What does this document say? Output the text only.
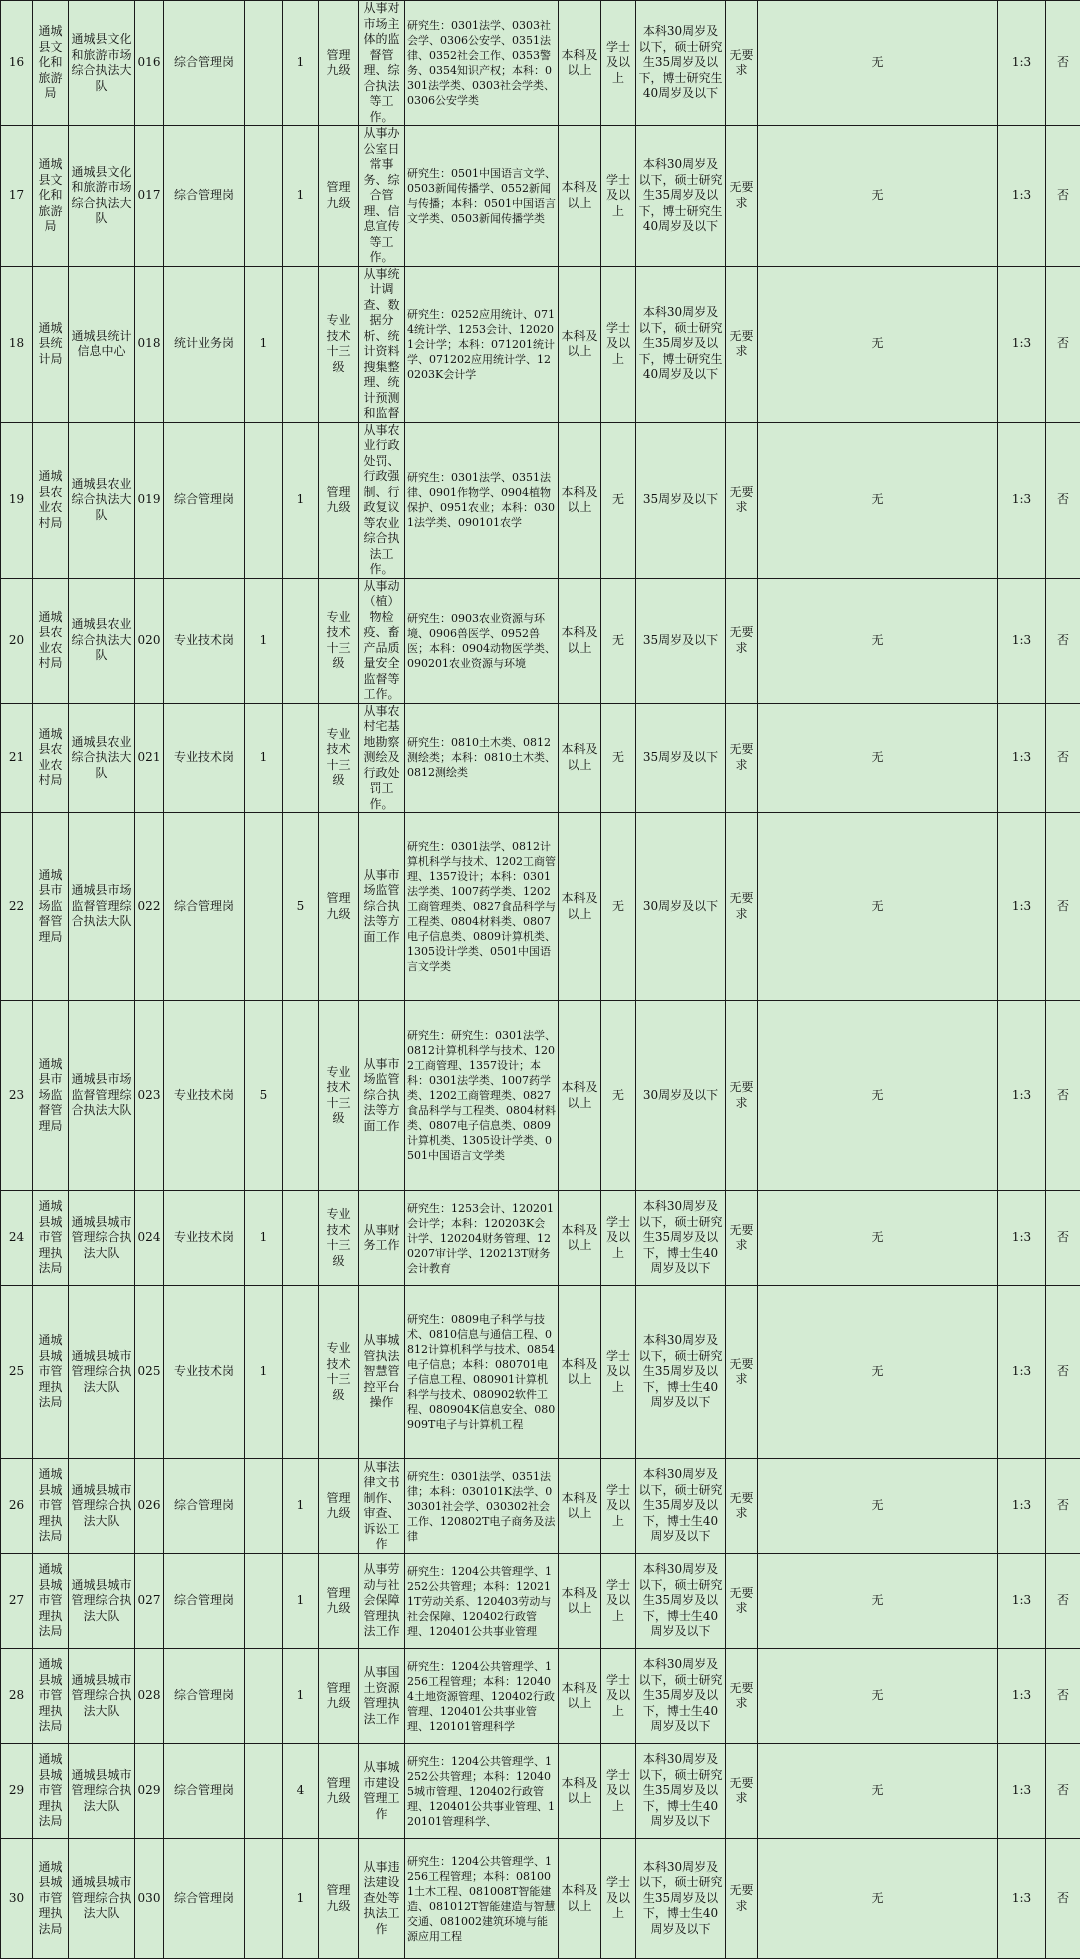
16	通城县文化和旅游局	通城县文化和旅游市场综合执法大队	016	综合管理岗		1	管理九级	从事对市场主体的监督管理、综合执法等工作。	研究生：0301法学、0303社会学、0306公安学、0351法律、0352社会工作、0353警务、0354知识产权；本科：0301法学类、0303社会学类、0306公安学类	本科及以上	学士及以上	本科30周岁及以下，硕士研究生35周岁及以下，博士研究生40周岁及以下	无要求	无	1:3	否
17	通城县文化和旅游局	通城县文化和旅游市场综合执法大队	017	综合管理岗		1	管理九级	从事办公室日常事务、综合管理、信息宣传等工作。	研究生：0501中国语言文学、0503新闻传播学、0552新闻与传播；本科：0501中国语言文学类、0503新闻传播学类	本科及以上	学士及以上	本科30周岁及以下，硕士研究生35周岁及以下，博士研究生40周岁及以下	无要求	无	1:3	否
18	通城县统计局	通城县统计信息中心	018	统计业务岗	1		专业技术十三级	从事统计调查、数据分析、统计资料搜集整理、统计预测和监督	研究生：0252应用统计、0714统计学、1253会计、120201会计学；本科：071201统计学、071202应用统计学、120203K会计学	本科及以上	学士及以上	本科30周岁及以下，硕士研究生35周岁及以下，博士研究生40周岁及以下	无要求	无	1:3	否
19	通城县农业农村局	通城县农业综合执法大队	019	综合管理岗		1	管理九级	从事农业行政处罚、行政强制、行政复议等农业综合执法工作。	研究生：0301法学、0351法律、0901作物学、0904植物保护、0951农业；本科：0301法学类、090101农学	本科及以上	无	35周岁及以下	无要求	无	1:3	否
20	通城县农业农村局	通城县农业综合执法大队	020	专业技术岗	1		专业技术十三级	从事动（植）物检疫、畜产品质量安全监督等工作。	研究生：0903农业资源与环境、0906兽医学、0952兽医；本科：0904动物医学类、090201农业资源与环境	本科及以上	无	35周岁及以下	无要求	无	1:3	否
21	通城县农业农村局	通城县农业综合执法大队	021	专业技术岗	1		专业技术十三级	从事农村宅基地勘察测绘及行政处罚工作。	研究生：0810土木类、0812测绘类；本科：0810土木类、0812测绘类	本科及以上	无	35周岁及以下	无要求	无	1:3	否
22	通城县市场监督管理局	通城县市场监督管理综合执法大队	022	综合管理岗		5	管理九级	从事市场监管综合执法等方面工作	研究生：0301法学、0812计算机科学与技术、1202工商管理、1357设计；本科：0301法学类、1007药学类、1202工商管理类、0827食品科学与工程类、0804材料类、0807电子信息类、0809计算机类、1305设计学类、0501中国语言文学类	本科及以上	无	30周岁及以下	无要求	无	1:3	否
23	通城县市场监督管理局	通城县市场监督管理综合执法大队	023	专业技术岗	5		专业技术十三级	从事市场监管综合执法等方面工作	研究生：研究生：0301法学、0812计算机科学与技术、1202工商管理、1357设计；本科：0301法学类、1007药学类、1202工商管理类、0827食品科学与工程类、0804材料类、0807电子信息类、0809计算机类、1305设计学类、0501中国语言文学类	本科及以上	无	30周岁及以下	无要求	无	1:3	否
24	通城县城市管理执法局	通城县城市管理综合执法大队	024	专业技术岗	1		专业技术十三级	从事财务工作	研究生：1253会计、120201会计学；本科：120203K会计学、120204财务管理、120207审计学、120213T财务会计教育	本科及以上	学士及以上	本科30周岁及以下，硕士研究生35周岁及以下，博士生40周岁及以下	无要求	无	1:3	否
25	通城县城市管理执法局	通城县城市管理综合执法大队	025	专业技术岗	1		专业技术十三级	从事城管执法智慧管控平台操作	研究生：0809电子科学与技术、0810信息与通信工程、0812计算机科学与技术、0854电子信息；本科：080701电子信息工程、080901计算机科学与技术、080902软件工程、080904K信息安全、080909T电子与计算机工程	本科及以上	学士及以上	本科30周岁及以下，硕士研究生35周岁及以下，博士生40周岁及以下	无要求	无	1:3	否
26	通城县城市管理执法局	通城县城市管理综合执法大队	026	综合管理岗		1	管理九级	从事法律文书制作、审查、诉讼工作	研究生：0301法学、0351法律；本科：030101K法学、030301社会学、030302社会工作、120802T电子商务及法律	本科及以上	学士及以上	本科30周岁及以下，硕士研究生35周岁及以下，博士生40周岁及以下	无要求	无	1:3	否
27	通城县城市管理执法局	通城县城市管理综合执法大队	027	综合管理岗		1	管理九级	从事劳动与社会保障管理执法工作	研究生：1204公共管理学、1252公共管理；本科：120211T劳动关系、120403劳动与社会保障、120402行政管理、120401公共事业管理	本科及以上	学士及以上	本科30周岁及以下，硕士研究生35周岁及以下，博士生40周岁及以下	无要求	无	1:3	否
28	通城县城市管理执法局	通城县城市管理综合执法大队	028	综合管理岗		1	管理九级	从事国土资源管理执法工作	研究生：1204公共管理学、1256工程管理；本科：120404土地资源管理、120402行政管理、120401公共事业管理、120101管理科学	本科及以上	学士及以上	本科30周岁及以下，硕士研究生35周岁及以下，博士生40周岁及以下	无要求	无	1:3	否
29	通城县城市管理执法局	通城县城市管理综合执法大队	029	综合管理岗		4	管理九级	从事城市建设管理工作	研究生：1204公共管理学、1252公共管理；本科：120405城市管理、120402行政管理、120401公共事业管理、120101管理科学、	本科及以上	学士及以上	本科30周岁及以下，硕士研究生35周岁及以下，博士生40周岁及以下	无要求	无	1:3	否
30	通城县城市管理执法局	通城县城市管理综合执法大队	030	综合管理岗		1	管理九级	从事违法建设查处等执法工作	研究生：1204公共管理学、1256工程管理；本科：081001土木工程、081008T智能建造、081012T智能建造与智慧交通、081002建筑环境与能源应用工程	本科及以上	学士及以上	本科30周岁及以下，硕士研究生35周岁及以下，博士生40周岁及以下	无要求	无	1:3	否
